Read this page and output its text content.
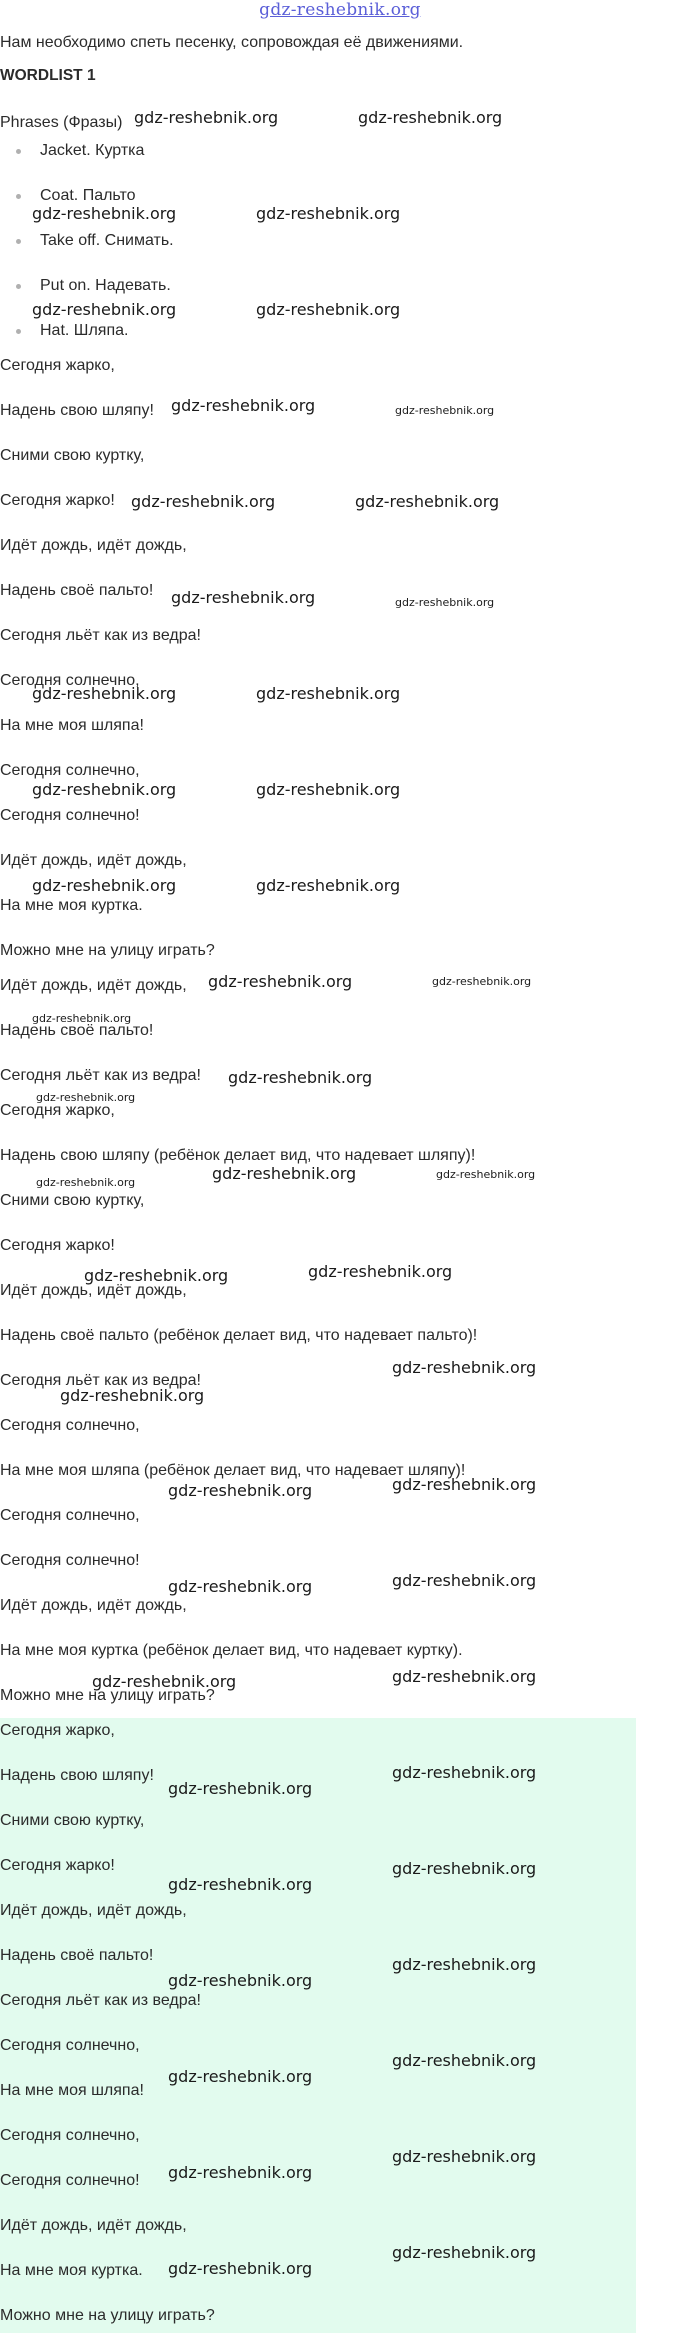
gdz-reshebnik.org
Нам необходимо спеть песенку, сопровождая её движениями.
WORDLIST 1
Phrases (Фразы)
Jacket. Куртка
Coat. Пальто
Take off. Снимать.
Put on. Надевать.
Hat. Шляпа.
Сегодня жарко,
Надень свою шляпу!
Сними свою куртку,
Сегодня жарко!
Идёт дождь, идёт дождь,
Надень своё пальто!
Сегодня льёт как из ведра!
Сегодня солнечно,
На мне моя шляпа!
Сегодня солнечно,
Сегодня солнечно!
Идёт дождь, идёт дождь,
На мне моя куртка.
Можно мне на улицу играть?
Идёт дождь, идёт дождь,
Надень своё пальто!
Сегодня льёт как из ведра!
Сегодня жарко,
Надень свою шляпу (ребёнок делает вид, что надевает шляпу)!
Сними свою куртку,
Сегодня жарко!
Идёт дождь, идёт дождь,
Надень своё пальто (ребёнок делает вид, что надевает пальто)!
Сегодня льёт как из ведра!
Сегодня солнечно,
На мне моя шляпа (ребёнок делает вид, что надевает шляпу)!
Сегодня солнечно,
Сегодня солнечно!
Идёт дождь, идёт дождь,
На мне моя куртка (ребёнок делает вид, что надевает куртку).
Можно мне на улицу играть?
Сегодня жарко,
Надень свою шляпу!
Сними свою куртку,
Сегодня жарко!
Идёт дождь, идёт дождь,
Надень своё пальто!
Сегодня льёт как из ведра!
Сегодня солнечно,
На мне моя шляпа!
Сегодня солнечно,
Сегодня солнечно!
Идёт дождь, идёт дождь,
На мне моя куртка.
Можно мне на улицу играть?
gdz-reshebnik.org	gdz-reshebnik.org
gdz-reshebnik.org	gdz-reshebnik.org
gdz-reshebnik.org	gdz-reshebnik.org
gdz-reshebnik.org	gdz-reshebnik.org
gdz-reshebnik.org	gdz-reshebnik.org
gdz-reshebnik.org	gdz-reshebnik.org
gdz-reshebnik.org	gdz-reshebnik.org
gdz-reshebnik.org	gdz-reshebnik.org
gdz-reshebnik.org	gdz-reshebnik.org
gdz-reshebnik.org	gdz-reshebnik.org
gdz-reshebnik.org
gdz-reshebnik.org
gdz-reshebnik.org
gdz-reshebnik.org	gdz-reshebnik.org
gdz-reshebnik.org
gdz-reshebnik.org	gdz-reshebnik.org
gdz-reshebnik.org
gdz-reshebnik.org
gdz-reshebnik.org
gdz-reshebnik.org
gdz-reshebnik.org	gdz-reshebnik.org
gdz-reshebnik.org
gdz-reshebnik.org
gdz-reshebnik.org
gdz-reshebnik.org
gdz-reshebnik.org
gdz-reshebnik.org
gdz-reshebnik.org
gdz-reshebnik.org
gdz-reshebnik.org
gdz-reshebnik.org
gdz-reshebnik.org
gdz-reshebnik.org
gdz-reshebnik.org
gdz-reshebnik.org
